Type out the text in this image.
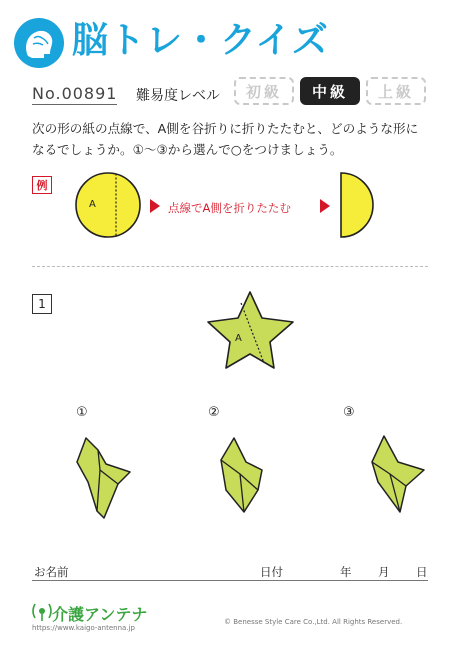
脳トレ・クイズ
No.00891 難易度レベル	初級	中級	上級
次の形の紙の点線で、A側を谷折りに折りたたむと、どのような形に
なるでしょうか。①～③から選んで○をつけましょう。
例
A	点線でA側を折りたたむ
1
A
①	②	③
お名前	日付	年 月 日
介護アンテナ
https://www.kaigo-antenna.jp
© Benesse Style Care Co.,Ltd. All Rights Reserved.
